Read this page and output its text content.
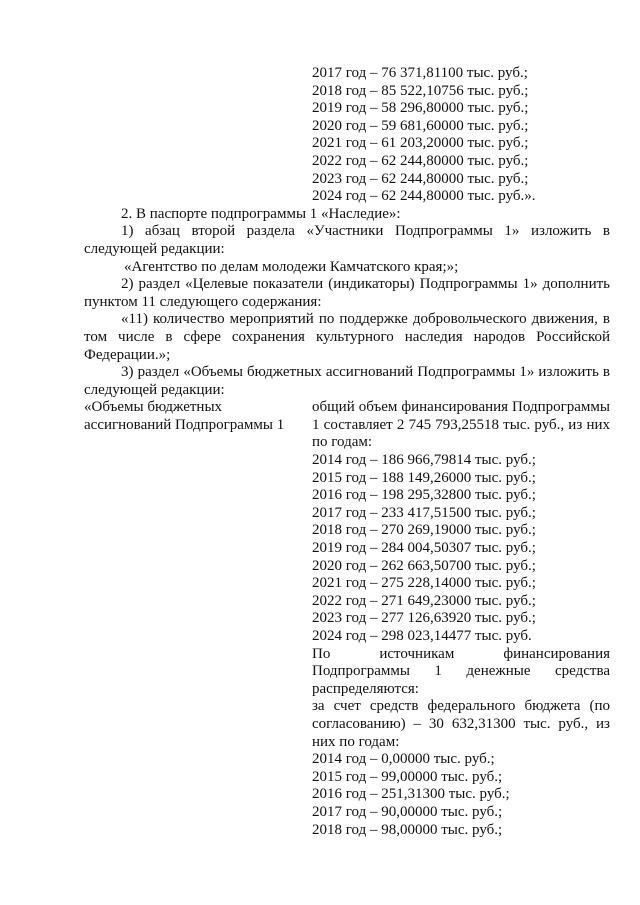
2017 год – 76 371,81100 тыс. руб.;
2018 год – 85 522,10756 тыс. руб.;
2019 год – 58 296,80000 тыс. руб.;
2020 год – 59 681,60000 тыс. руб.;
2021 год – 61 203,20000 тыс. руб.;
2022 год – 62 244,80000 тыс. руб.;
2023 год – 62 244,80000 тыс. руб.;
2024 год – 62 244,80000 тыс. руб.».
2. В паспорте подпрограммы 1 «Наследие»:
1) абзац второй раздела «Участники Подпрограммы 1» изложить в следующей редакции:
«Агентство по делам молодежи Камчатского края;»;
2) раздел «Целевые показатели (индикаторы) Подпрограммы 1» дополнить пунктом 11 следующего содержания:
«11) количество мероприятий по поддержке добровольческого движения, в том числе в сфере сохранения культурного наследия народов Российской Федерации.»;
3) раздел «Объемы бюджетных ассигнований Подпрограммы 1» изложить в следующей редакции:
«Объемы бюджетных ассигнований Подпрограммы 1
общий объем финансирования Подпрограммы 1 составляет 2 745 793,25518 тыс. руб., из них по годам:
2014 год – 186 966,79814 тыс. руб.;
2015 год – 188 149,26000 тыс. руб.;
2016 год – 198 295,32800 тыс. руб.;
2017 год – 233 417,51500 тыс. руб.;
2018 год – 270 269,19000 тыс. руб.;
2019 год – 284 004,50307 тыс. руб.;
2020 год – 262 663,50700 тыс. руб.;
2021 год – 275 228,14000 тыс. руб.;
2022 год – 271 649,23000 тыс. руб.;
2023 год – 277 126,63920 тыс. руб.;
2024 год – 298 023,14477 тыс. руб.
По источникам финансирования Подпрограммы 1 денежные средства распределяются:
за счет средств федерального бюджета (по согласованию) – 30 632,31300 тыс. руб., из них по годам:
2014 год – 0,00000 тыс. руб.;
2015 год – 99,00000 тыс. руб.;
2016 год – 251,31300 тыс. руб.;
2017 год – 90,00000 тыс. руб.;
2018 год – 98,00000 тыс. руб.;
